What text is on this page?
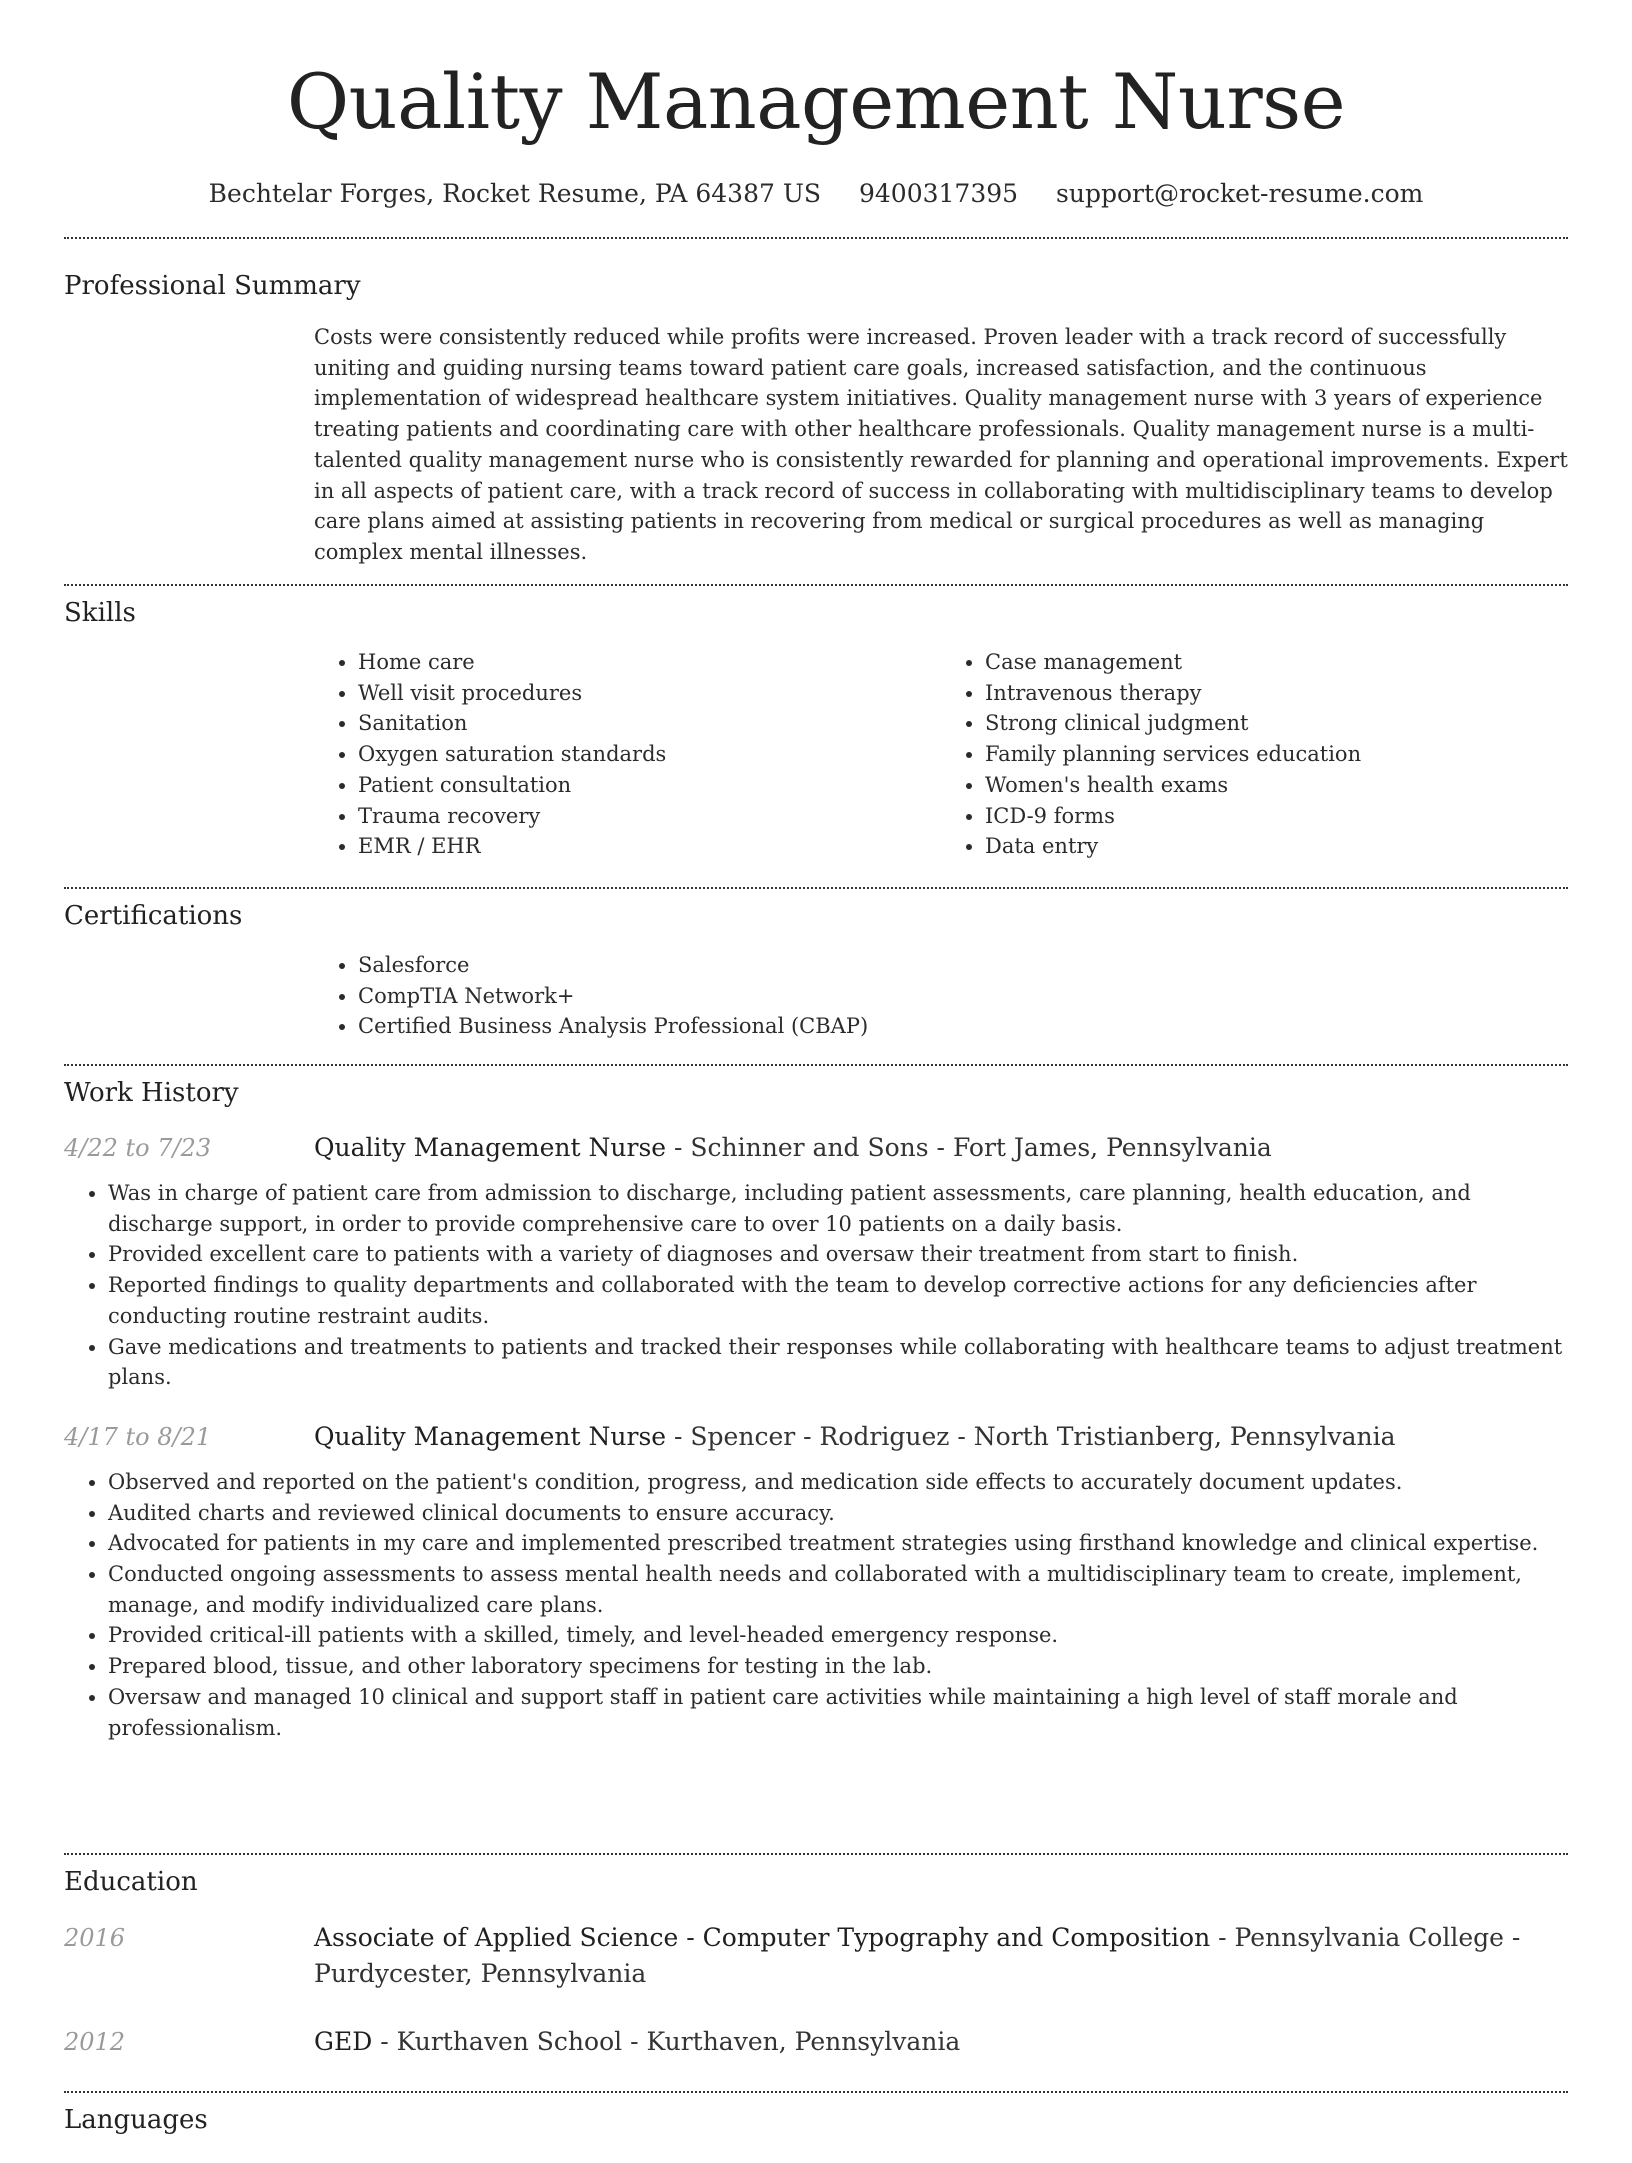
Quality Management Nurse
Bechtelar Forges, Rocket Resume, PA 64387 US 9400317395 support@rocket-resume.com
Professional Summary
Costs were consistently reduced while profits were increased. Proven leader with a track record of successfully uniting and guiding nursing teams toward patient care goals, increased satisfaction, and the continuous implementation of widespread healthcare system initiatives. Quality management nurse with 3 years of experience treating patients and coordinating care with other healthcare professionals. Quality management nurse is a multi-talented quality management nurse who is consistently rewarded for planning and operational improvements. Expert in all aspects of patient care, with a track record of success in collaborating with multidisciplinary teams to develop care plans aimed at assisting patients in recovering from medical or surgical procedures as well as managing complex mental illnesses.
Skills
• Home care
• Well visit procedures
• Sanitation
• Oxygen saturation standards
• Patient consultation
• Trauma recovery
• EMR / EHR
• Case management
• Intravenous therapy
• Strong clinical judgment
• Family planning services education
• Women's health exams
• ICD-9 forms
• Data entry
Certifications
• Salesforce
• CompTIA Network+
• Certified Business Analysis Professional (CBAP)
Work History
4/22 to 7/23	Quality Management Nurse - Schinner and Sons - Fort James, Pennsylvania
• Was in charge of patient care from admission to discharge, including patient assessments, care planning, health education, and discharge support, in order to provide comprehensive care to over 10 patients on a daily basis.
• Provided excellent care to patients with a variety of diagnoses and oversaw their treatment from start to finish.
• Reported findings to quality departments and collaborated with the team to develop corrective actions for any deficiencies after conducting routine restraint audits.
• Gave medications and treatments to patients and tracked their responses while collaborating with healthcare teams to adjust treatment plans.
4/17 to 8/21	Quality Management Nurse - Spencer - Rodriguez - North Tristianberg, Pennsylvania
• Observed and reported on the patient's condition, progress, and medication side effects to accurately document updates.
• Audited charts and reviewed clinical documents to ensure accuracy.
• Advocated for patients in my care and implemented prescribed treatment strategies using firsthand knowledge and clinical expertise.
• Conducted ongoing assessments to assess mental health needs and collaborated with a multidisciplinary team to create, implement, manage, and modify individualized care plans.
• Provided critical-ill patients with a skilled, timely, and level-headed emergency response.
• Prepared blood, tissue, and other laboratory specimens for testing in the lab.
• Oversaw and managed 10 clinical and support staff in patient care activities while maintaining a high level of staff morale and professionalism.
Education
2016	Associate of Applied Science - Computer Typography and Composition - Pennsylvania College - Purdycester, Pennsylvania
2012	GED - Kurthaven School - Kurthaven, Pennsylvania
Languages
